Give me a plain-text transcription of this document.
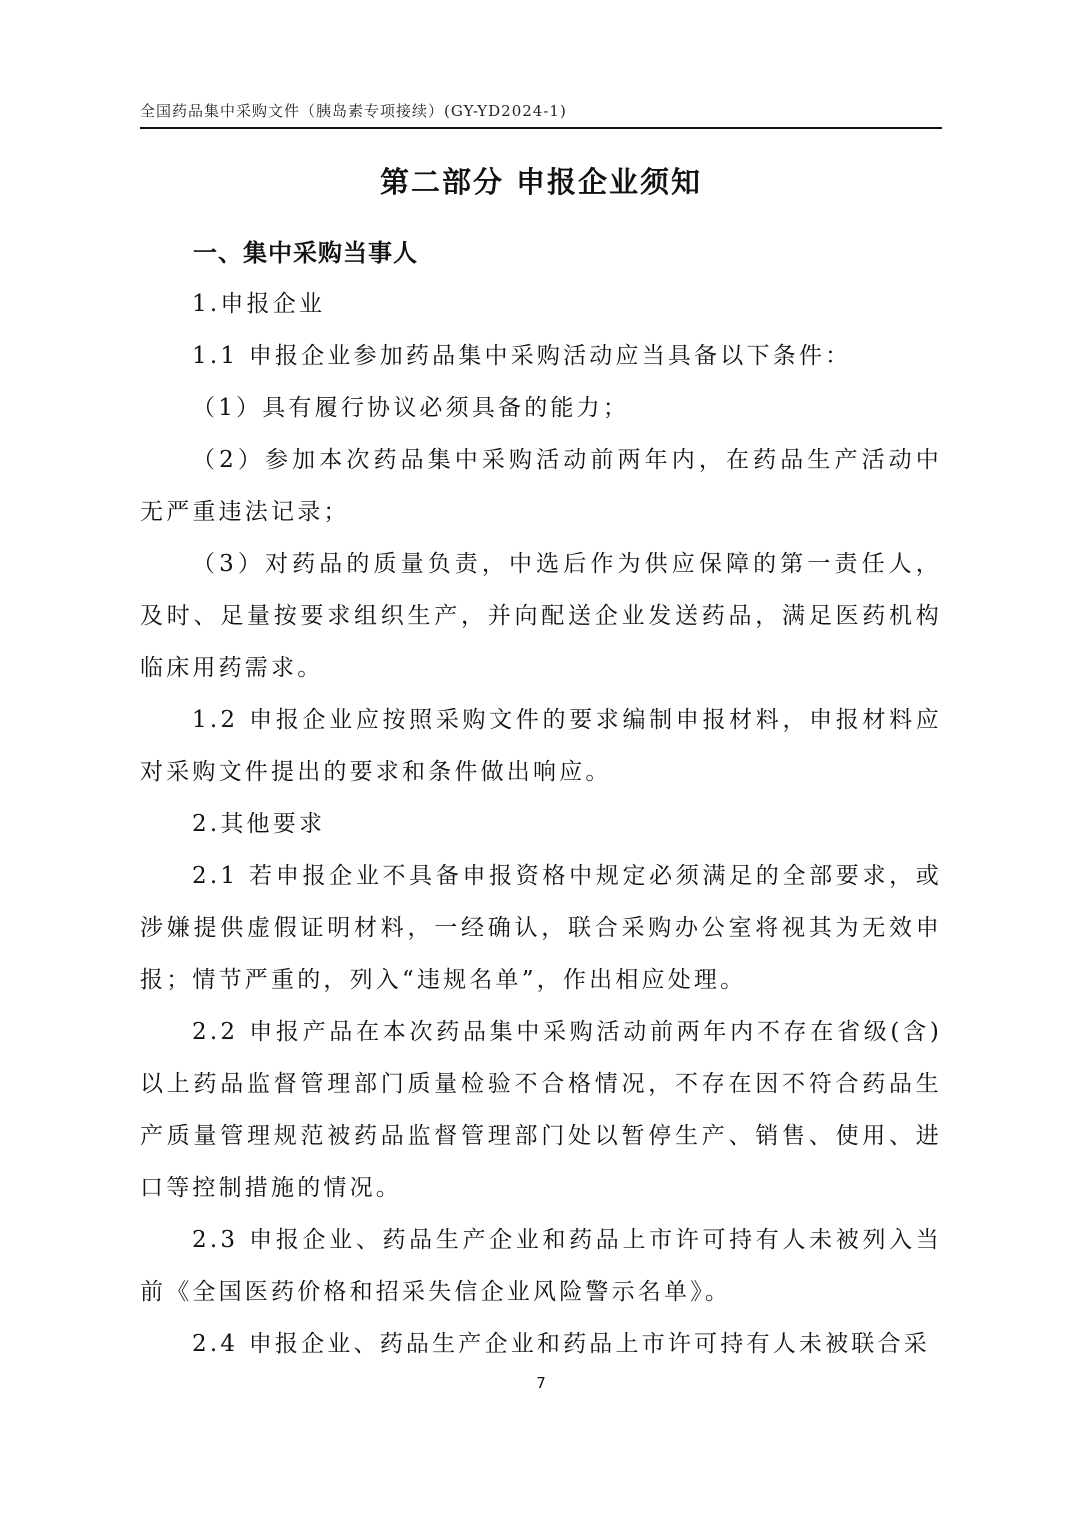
全国药品集中采购文件（胰岛素专项接续）(GY-YD2024-1)
第二部分 申报企业须知
一、集中采购当事人

1.申报企业

1.1 申报企业参加药品集中采购活动应当具备以下条件：

（1）具有履行协议必须具备的能力；

（2）参加本次药品集中采购活动前两年内，在药品生产活动中无严重违法记录；

（3）对药品的质量负责，中选后作为供应保障的第一责任人，及时、足量按要求组织生产，并向配送企业发送药品，满足医药机构临床用药需求。

1.2 申报企业应按照采购文件的要求编制申报材料，申报材料应对采购文件提出的要求和条件做出响应。

2.其他要求

2.1 若申报企业不具备申报资格中规定必须满足的全部要求，或涉嫌提供虚假证明材料，一经确认，联合采购办公室将视其为无效申报；情节严重的，列入“违规名单”，作出相应处理。

2.2 申报产品在本次药品集中采购活动前两年内不存在省级(含)以上药品监督管理部门质量检验不合格情况，不存在因不符合药品生产质量管理规范被药品监督管理部门处以暂停生产、销售、使用、进口等控制措施的情况。

2.3 申报企业、药品生产企业和药品上市许可持有人未被列入当前《全国医药价格和招采失信企业风险警示名单》。

2.4 申报企业、药品生产企业和药品上市许可持有人未被联合采

7
